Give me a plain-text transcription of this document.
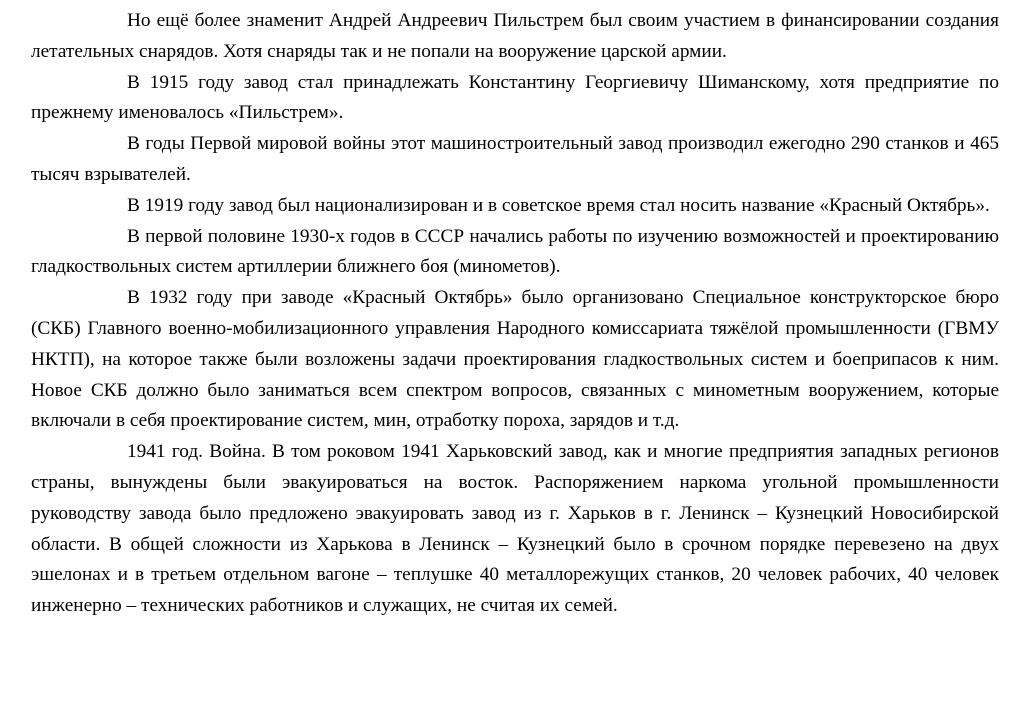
Но ещё более знаменит Андрей Андреевич Пильстрем был своим участием в финансировании создания летательных снарядов. Хотя снаряды так и не попали на вооружение царской армии.

В 1915 году завод стал принадлежать Константину Георгиевичу Шиманскому, хотя предприятие по прежнему именовалось «Пильстрем».

В годы Первой мировой войны этот машиностроительный завод производил ежегодно 290 станков и 465 тысяч взрывателей.

В 1919 году завод был национализирован и в советское время стал носить название «Красный Октябрь».

В первой половине 1930-х годов в СССР начались работы по изучению возможностей и проектированию гладкоствольных систем артиллерии ближнего боя (минометов).

В 1932 году при заводе «Красный Октябрь» было организовано Специальное конструкторское бюро (СКБ) Главного военно-мобилизационного управления Народного комиссариата тяжёлой промышленности (ГВМУ НКТП), на которое также были возложены задачи проектирования гладкоствольных систем и боеприпасов к ним. Новое СКБ должно было заниматься всем спектром вопросов, связанных с минометным вооружением, которые включали в себя проектирование систем, мин, отработку пороха, зарядов и т.д.

1941 год. Война. В том роковом 1941 Харьковский завод, как и многие предприятия западных регионов страны, вынуждены были эвакуироваться на восток. Распоряжением наркома угольной промышленности руководству завода было предложено эвакуировать завод из г. Харьков в г. Ленинск – Кузнецкий Новосибирской области. В общей сложности из Харькова в Ленинск – Кузнецкий было в срочном порядке перевезено на двух эшелонах и в третьем отдельном вагоне – теплушке 40 металлорежущих станков, 20 человек рабочих, 40 человек инженерно – технических работников и служащих, не считая их семей.
